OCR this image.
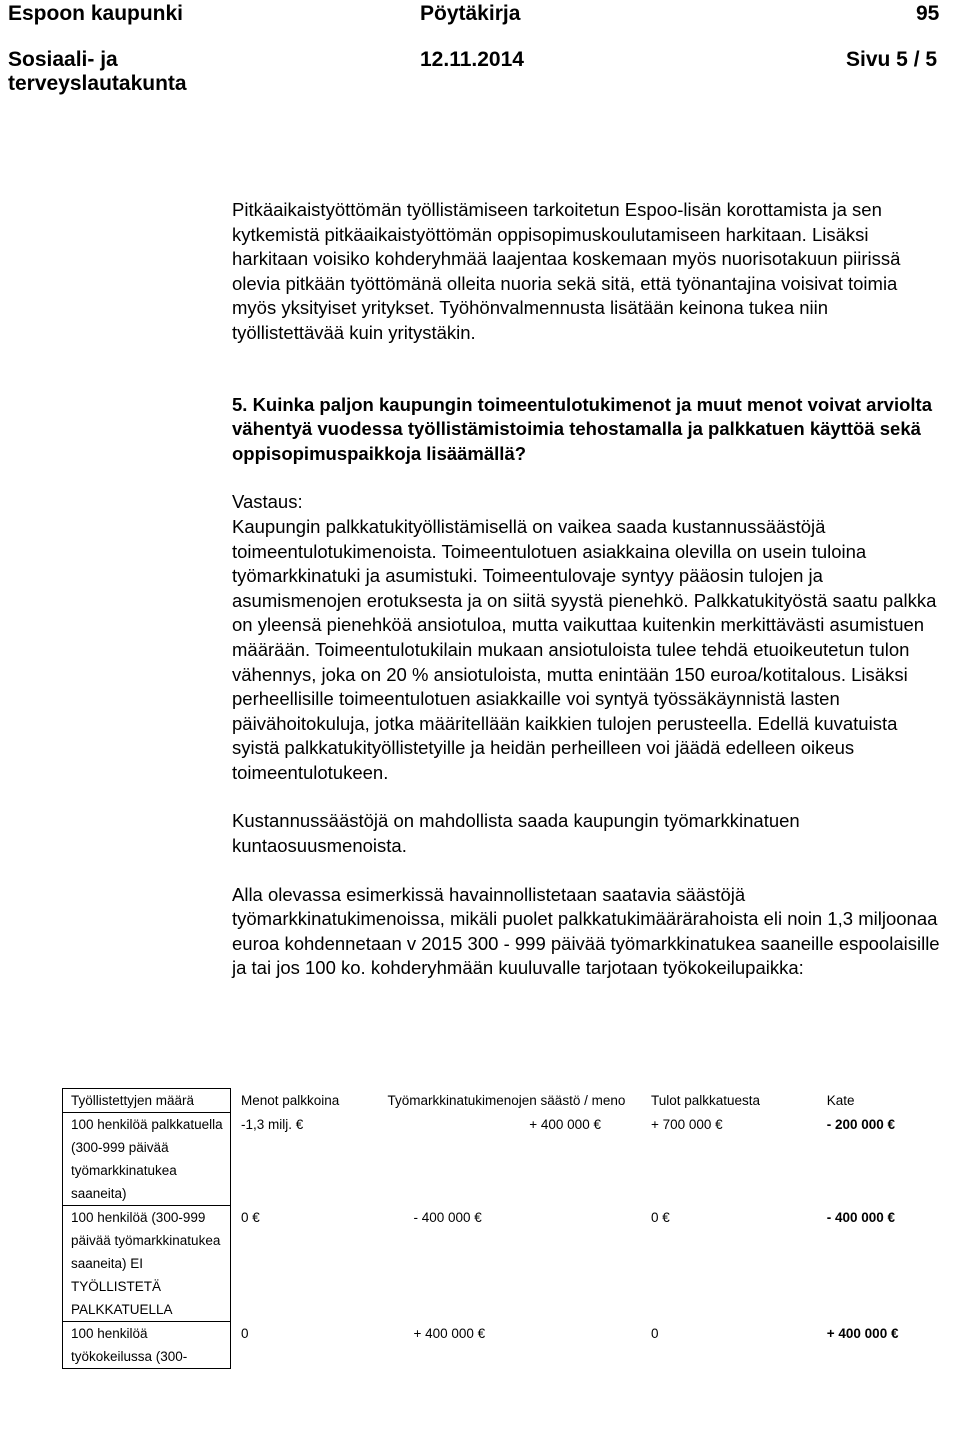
Espoon kaupunki	Pöytäkirja	95
Sosiaali- ja
terveyslautakunta
12.11.2014	Sivu 5 / 5

Pitkäaikaistyöttömän työllistämiseen tarkoitetun Espoo-lisän korottamista ja sen kytkemistä pitkäaikaistyöttömän oppisopimuskoulutamiseen harkitaan. Lisäksi harkitaan voisiko kohderyhmää laajentaa koskemaan myös nuorisotakuun piirissä olevia pitkään työttömänä olleita nuoria sekä sitä, että työnantajina voisivat toimia myös yksityiset yritykset. Työhönvalmennusta lisätään keinona tukea niin työllistettävää kuin yritystäkin.

5. Kuinka paljon kaupungin toimeentulotukimenot ja muut menot voivat arviolta vähentyä vuodessa työllistämistoimia tehostamalla ja palkkatuen käyttöä sekä oppisopimuspaikkoja lisäämällä?

Vastaus:

Kaupungin palkkatukityöllistämisellä on vaikea saada kustannussäästöjä toimeentulotukimenoista. Toimeentulotuen asiakkaina olevilla on usein tuloina työmarkkinatuki ja asumistuki. Toimeentulovaje syntyy pääosin tulojen ja asumismenojen erotuksesta ja on siitä syystä pienehkö. Palkkatukityöstä saatu palkka on yleensä pienehköä ansiotuloa, mutta vaikuttaa kuitenkin merkittävästi asumistuen määrään. Toimeentulotukilain mukaan ansiotuloista tulee tehdä etuoikeutetun tulon vähennys, joka on 20 % ansiotuloista, mutta enintään 150 euroa/kotitalous. Lisäksi perheellisille toimeentulotuen asiakkaille voi syntyä työssäkäynnistä lasten päivähoitokuluja, jotka määritellään kaikkien tulojen perusteella. Edellä kuvatuista syistä palkkatukityöllistetyille ja heidän perheilleen voi jäädä edelleen oikeus toimeentulotukeen.

Kustannussäästöjä on mahdollista saada kaupungin työmarkkinatuen kuntaosuusmenoista.

Alla olevassa esimerkissä havainnollistetaan saatavia säästöjä työmarkkinatukimenoissa, mikäli puolet palkkatukimäärärahoista eli noin 1,3 miljoonaa euroa kohdennetaan v 2015 300 - 999 päivää työmarkkinatukea saaneille espoolaisille ja tai jos 100 ko. kohderyhmään kuuluvalle tarjotaan työkokeilupaikka:

Työllistettyjen määrä	Menot palkkoina	Työmarkkinatukimenojen säästö / meno	Tulot palkkatuesta	Kate
100 henkilöä palkkatuella (300-999 päivää työmarkkinatukea saaneita)	-1,3 milj. €	+ 400 000 €	+ 700 000 €	- 200 000 €
100 henkilöä (300-999 päivää työmarkkinatukea saaneita) EI TYÖLLISTETÄ PALKKATUELLA	0 €	- 400 000 €	0 €	- 400 000 €
100 henkilöä työkokeilussa (300-	0	+ 400 000 €	0	+ 400 000 €
